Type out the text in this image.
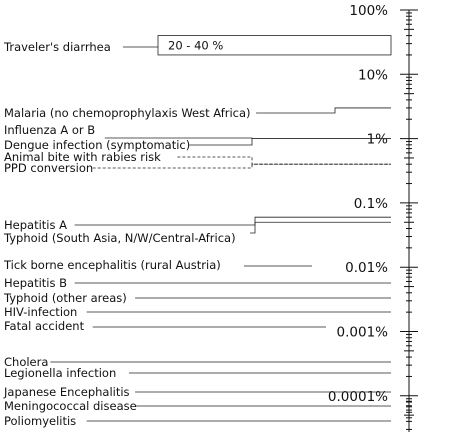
100%
10%
1%
0.1%
0.01%
0.001%
0.0001%
Traveler's diarrhea	20 - 40 %
Malaria (no chemoprophylaxis West Africa)
Influenza A or B
Dengue infection (symptomatic)
Animal bite with rabies risk
PPD conversion
Hepatitis A
Typhoid (South Asia, N/W/Central-Africa)
Tick borne encephalitis (rural Austria)
Hepatitis B
Typhoid (other areas)
HIV-infection
Fatal accident
Cholera
Legionella infection
Japanese Encephalitis
Meningococcal disease
Poliomyelitis
